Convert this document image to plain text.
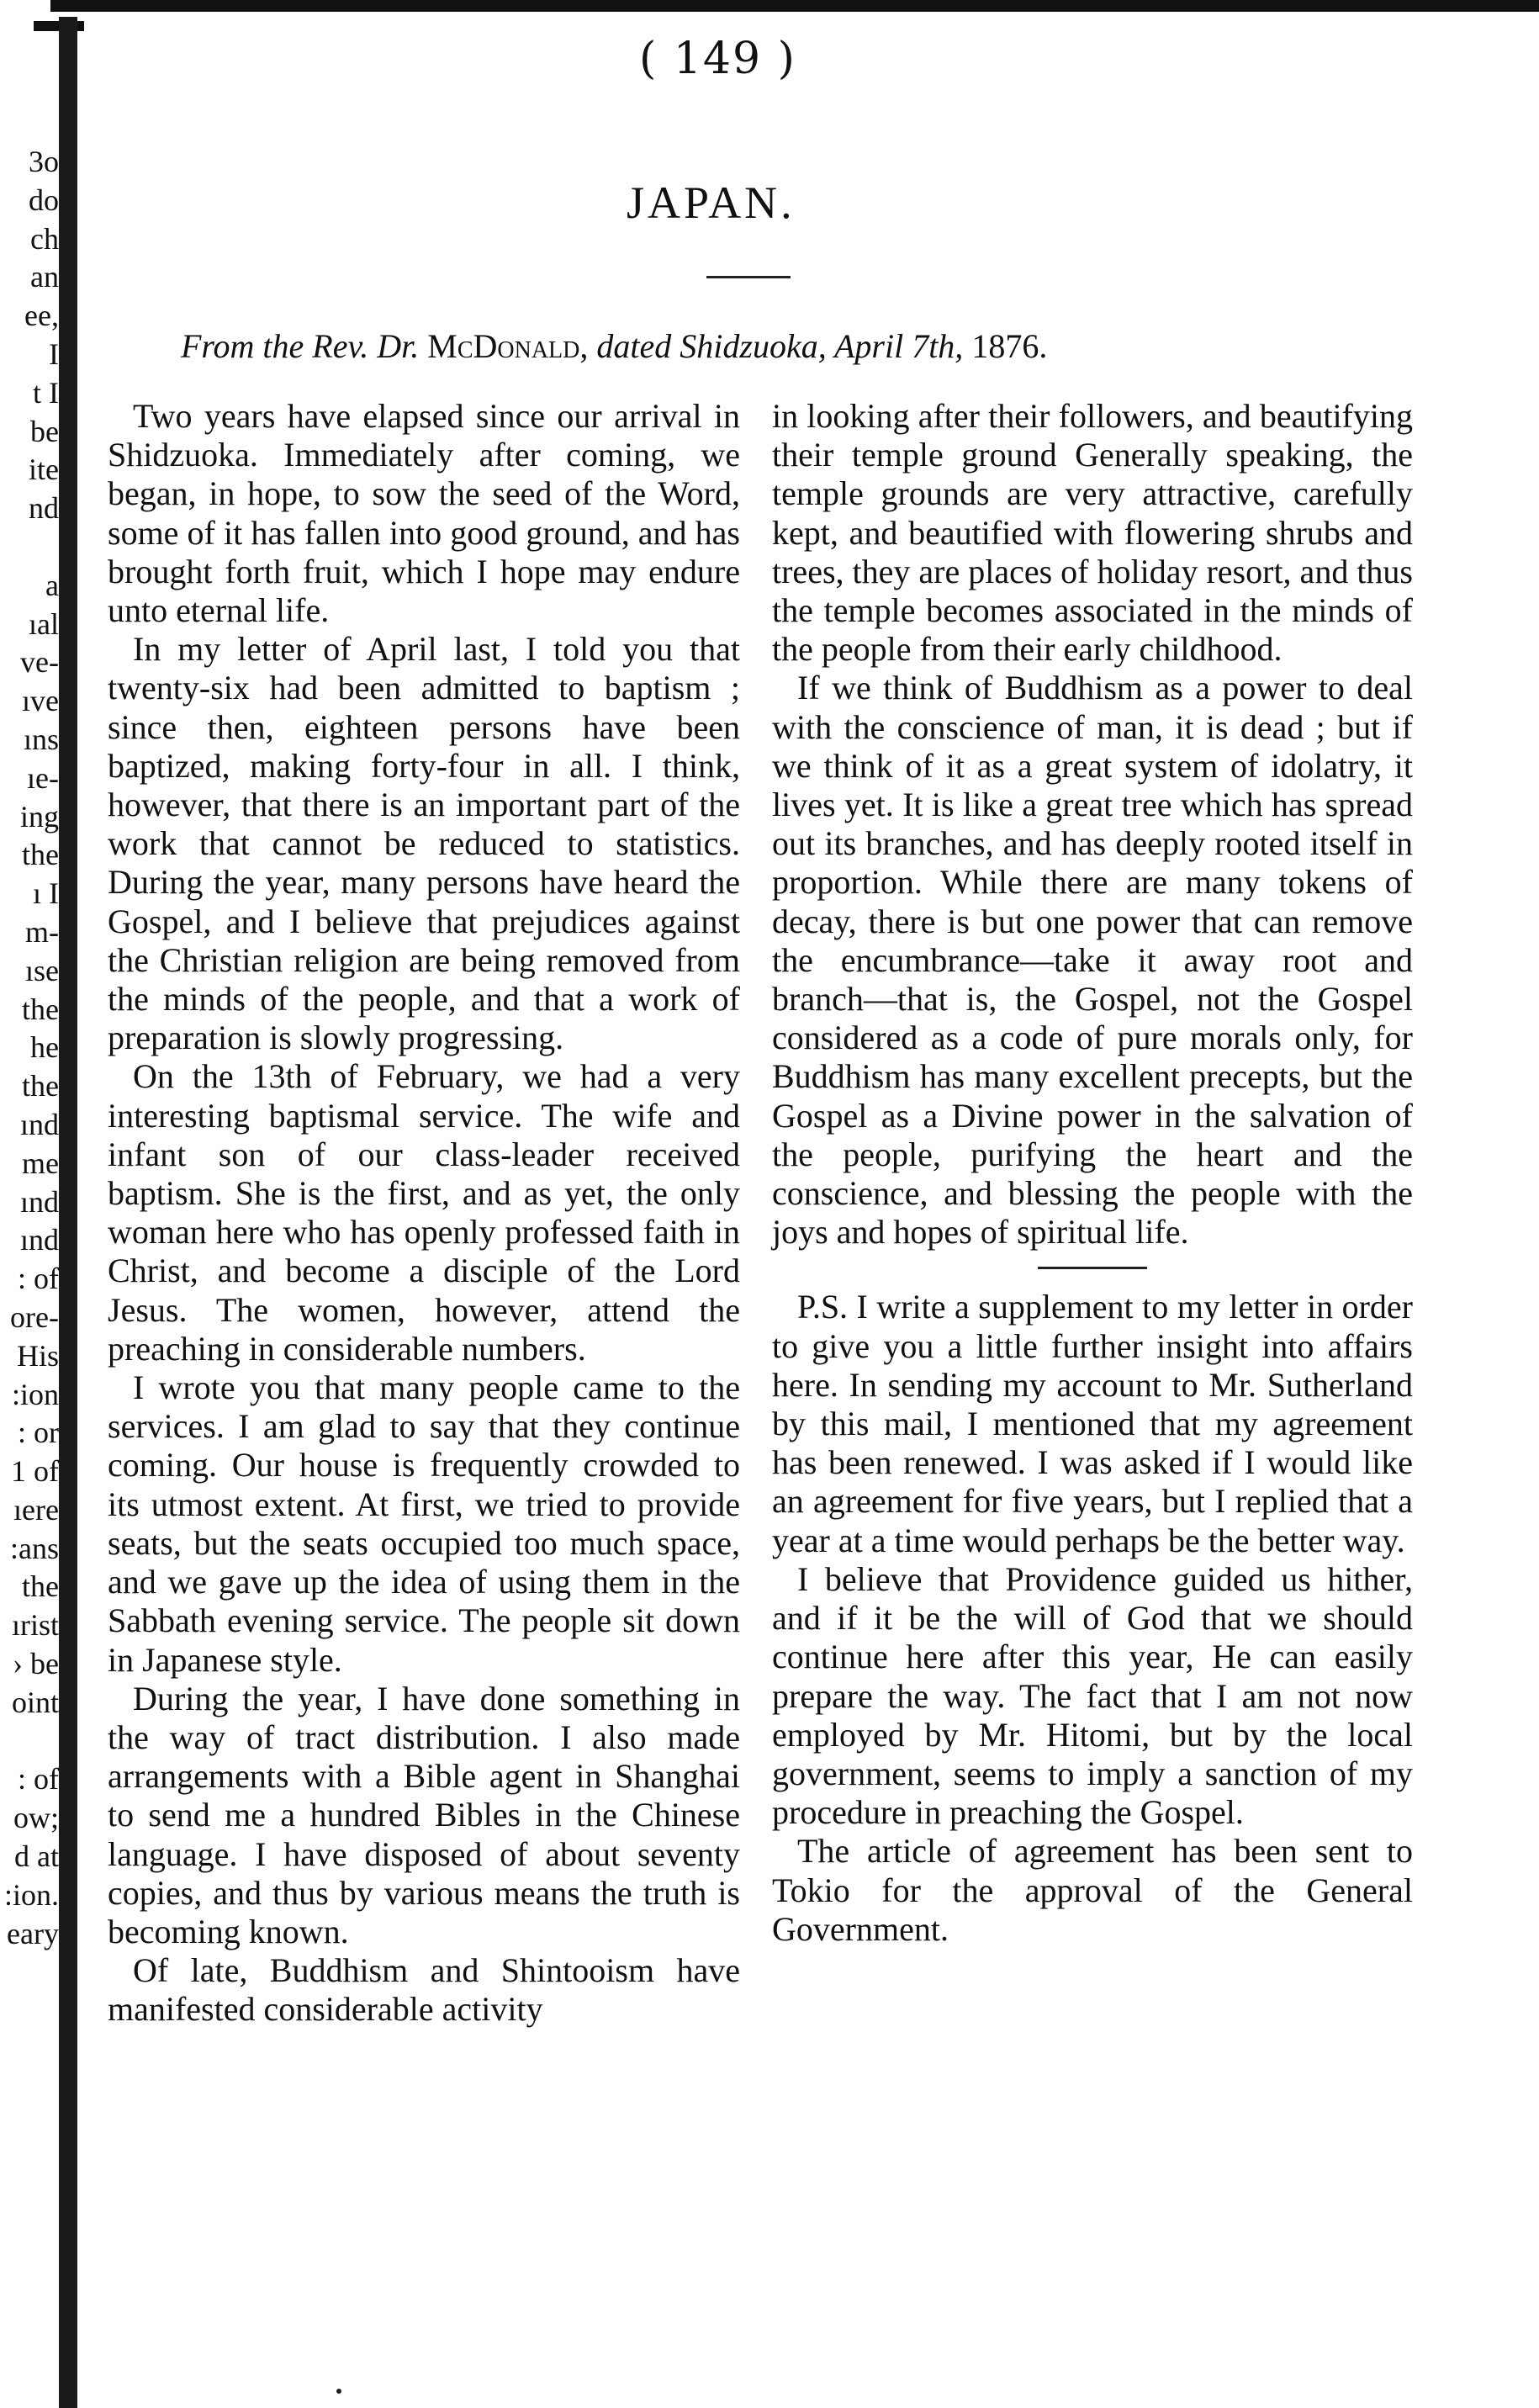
3o
do
ch
an
ee,
I
t I
be
ite
nd
a
ıal
ve-
ıve
ıns
ıe-
ing
the
ı I
m-
ıse
the
he
the
ınd
me
ınd
ınd
: of
ore-
His
:ion
: or
1 of
ıere
:ans
the
ırist
› be
oint
: of
ow;
d at
:ion.
eary
( 149 )
JAPAN.
From the Rev. Dr. McDonald, dated Shidzuoka, April 7th, 1876.

Two years have elapsed since our arrival in Shidzuoka. Immediately after coming, we began, in hope, to sow the seed of the Word, some of it has fallen into good ground, and has brought forth fruit, which I hope may endure unto eternal life.

In my letter of April last, I told you that twenty-six had been admitted to baptism ; since then, eighteen persons have been baptized, making forty-four in all. I think, however, that there is an important part of the work that cannot be reduced to statistics. During the year, many persons have heard the Gospel, and I believe that prejudices against the Christian religion are being removed from the minds of the people, and that a work of preparation is slowly progressing.

On the 13th of February, we had a very interesting baptismal service. The wife and infant son of our class-leader received baptism. She is the first, and as yet, the only woman here who has openly professed faith in Christ, and become a disciple of the Lord Jesus. The women, however, attend the preaching in considerable numbers.

I wrote you that many people came to the services. I am glad to say that they continue coming. Our house is frequently crowded to its utmost extent. At first, we tried to provide seats, but the seats occupied too much space, and we gave up the idea of using them in the Sabbath evening service. The people sit down in Japanese style.

During the year, I have done something in the way of tract distribution. I also made arrangements with a Bible agent in Shanghai to send me a hundred Bibles in the Chinese language. I have disposed of about seventy copies, and thus by various means the truth is becoming known.

Of late, Buddhism and Shintooism have manifested considerable activity

in looking after their followers, and beautifying their temple ground Generally speaking, the temple grounds are very attractive, carefully kept, and beautified with flowering shrubs and trees, they are places of holiday resort, and thus the temple becomes associated in the minds of the people from their early childhood.

If we think of Buddhism as a power to deal with the conscience of man, it is dead ; but if we think of it as a great system of idolatry, it lives yet. It is like a great tree which has spread out its branches, and has deeply rooted itself in proportion. While there are many tokens of decay, there is but one power that can remove the encumbrance—take it away root and branch—that is, the Gospel, not the Gospel considered as a code of pure morals only, for Buddhism has many excellent precepts, but the Gospel as a Divine power in the salvation of the people, purifying the heart and the conscience, and blessing the people with the joys and hopes of spiritual life.

P.S. I write a supplement to my letter in order to give you a little further insight into affairs here. In sending my account to Mr. Sutherland by this mail, I mentioned that my agreement has been renewed. I was asked if I would like an agreement for five years, but I replied that a year at a time would perhaps be the better way.

I believe that Providence guided us hither, and if it be the will of God that we should continue here after this year, He can easily prepare the way. The fact that I am not now employed by Mr. Hitomi, but by the local government, seems to imply a sanction of my procedure in preaching the Gospel.

The article of agreement has been sent to Tokio for the approval of the General Government.
